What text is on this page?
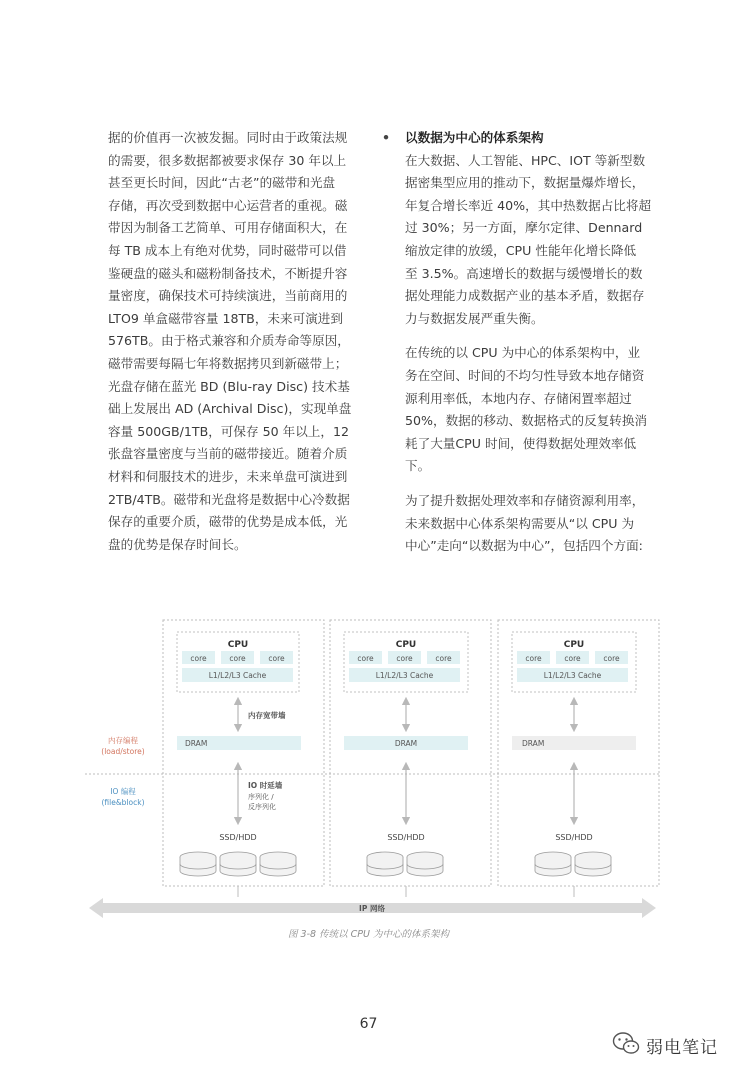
据的价值再一次被发掘。同时由于政策法规

的需要，很多数据都被要求保存 30 年以上

甚至更长时间，因此“古老”的磁带和光盘

存储，再次受到数据中心运营者的重视。磁

带因为制备工艺简单、可用存储面积大，在

每 TB 成本上有绝对优势，同时磁带可以借

鉴硬盘的磁头和磁粉制备技术，不断提升容

量密度，确保技术可持续演进，当前商用的

LTO9 单盒磁带容量 18TB，未来可演进到

576TB。由于格式兼容和介质寿命等原因，

磁带需要每隔七年将数据拷贝到新磁带上；

光盘存储在蓝光 BD (Blu-ray Disc) 技术基

础上发展出 AD (Archival Disc)，实现单盘

容量 500GB/1TB，可保存 50 年以上，12

张盘容量密度与当前的磁带接近。随着介质

材料和伺服技术的进步，未来单盘可演进到

2TB/4TB。磁带和光盘将是数据中心冷数据

保存的重要介质，磁带的优势是成本低，光

盘的优势是保存时间长。

• 以数据为中心的体系架构

在大数据、人工智能、HPC、IOT 等新型数

据密集型应用的推动下，数据量爆炸增长，

年复合增长率近 40%，其中热数据占比将超

过 30%；另一方面，摩尔定律、Dennard

缩放定律的放缓，CPU 性能年化增长降低

至 3.5%。高速增长的数据与缓慢增长的数

据处理能力成数据产业的基本矛盾，数据存

力与数据发展严重失衡。

在传统的以 CPU 为中心的体系架构中，业

务在空间、时间的不均匀性导致本地存储资

源利用率低，本地内存、存储闲置率超过

50%，数据的移动、数据格式的反复转换消

耗了大量CPU 时间，使得数据处理效率低

下。

为了提升数据处理效率和存储资源利用率，

未来数据中心体系架构需要从“以 CPU 为

中心”走向“以数据为中心”，包括四个方面:

CPU
core	core	core
L1/L2/L3 Cache
DRAM
SSD/HDD
内存宽带墙
IO 时延墙
序列化 /
反序列化
CPU
core	core	core
L1/L2/L3 Cache
DRAM
SSD/HDD
CPU
core	core	core
L1/L2/L3 Cache
DRAM
SSD/HDD
内存编程
(load/store)
IO 编程
(file&block)
IP 网络
图 3-8 传统以 CPU 为中心的体系架构
67
弱电笔记
